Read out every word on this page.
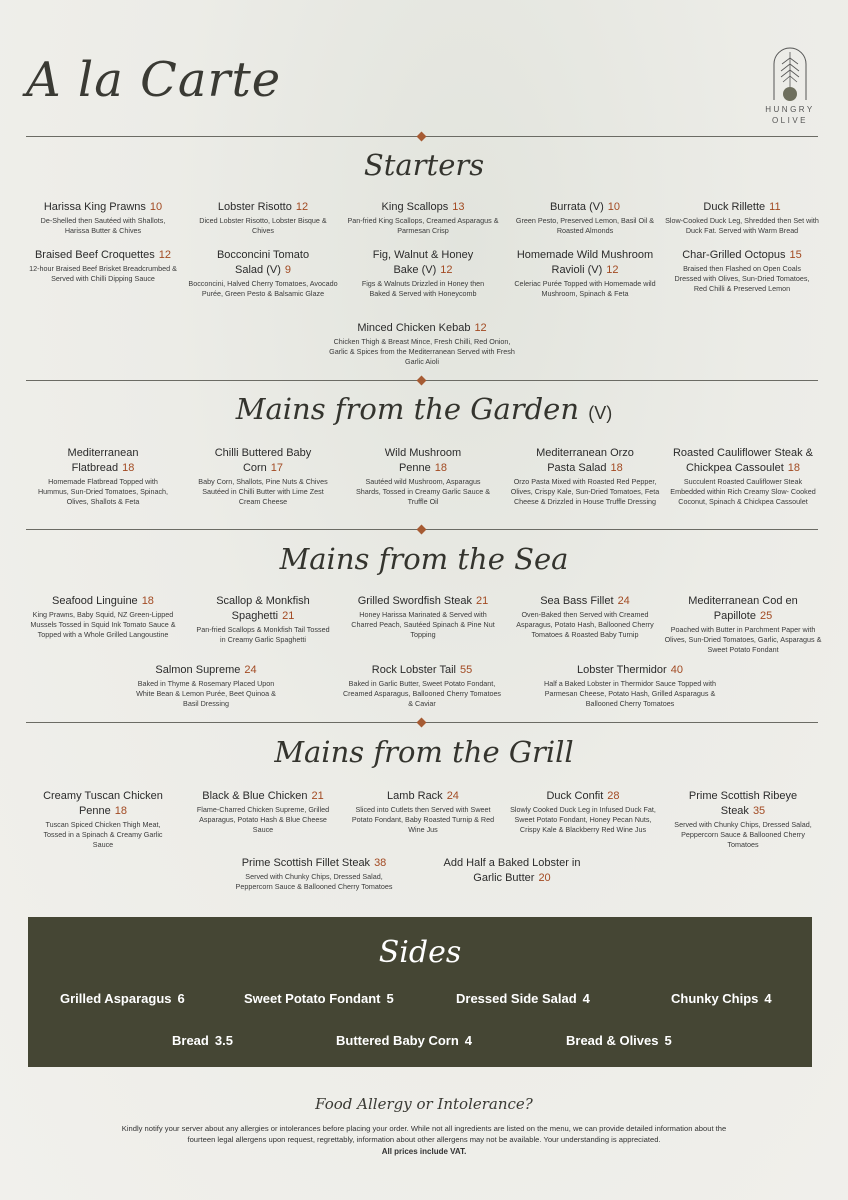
A la Carte
HUNGRY OLIVE
Starters
Harissa King Prawns 10
De-Shelled then Sautéed with Shallots, Harissa Butter & Chives
Lobster Risotto 12
Diced Lobster Risotto, Lobster Bisque & Chives
King Scallops 13
Pan-fried King Scallops, Creamed Asparagus & Parmesan Crisp
Burrata (V) 10
Green Pesto, Preserved Lemon, Basil Oil & Roasted Almonds
Duck Rillette 11
Slow-Cooked Duck Leg, Shredded then Set with Duck Fat. Served with Warm Bread
Braised Beef Croquettes 12
12-hour Braised Beef Brisket Breadcrumbed & Served with Chilli Dipping Sauce
Bocconcini Tomato Salad (V) 9
Bocconcini, Halved Cherry Tomatoes, Avocado Purée, Green Pesto & Balsamic Glaze
Fig, Walnut & Honey Bake (V) 12
Figs & Walnuts Drizzled in Honey then Baked & Served with Honeycomb
Homemade Wild Mushroom Ravioli (V) 12
Celeriac Purée Topped with Homemade wild Mushroom, Spinach & Feta
Char-Grilled Octopus 15
Braised then Flashed on Open Coals Dressed with Olives, Sun-Dried Tomatoes, Red Chilli & Preserved Lemon
Minced Chicken Kebab 12
Chicken Thigh & Breast Mince, Fresh Chilli, Red Onion, Garlic & Spices from the Mediterranean Served with Fresh Garlic Aioli
Mains from the Garden (V)
Mediterranean Flatbread 18
Homemade Flatbread Topped with Hummus, Sun-Dried Tomatoes, Spinach, Olives, Shallots & Feta
Chilli Buttered Baby Corn 17
Baby Corn, Shallots, Pine Nuts & Chives Sautéed in Chilli Butter with Lime Zest Cream Cheese
Wild Mushroom Penne 18
Sautéed wild Mushroom, Asparagus Shards, Tossed in Creamy Garlic Sauce & Truffle Oil
Mediterranean Orzo Pasta Salad 18
Orzo Pasta Mixed with Roasted Red Pepper, Olives, Crispy Kale, Sun-Dried Tomatoes, Feta Cheese & Drizzled in House Truffle Dressing
Roasted Cauliflower Steak & Chickpea Cassoulet 18
Succulent Roasted Cauliflower Steak Embedded within Rich Creamy Slow- Cooked Coconut, Spinach & Chickpea Cassoulet
Mains from the Sea
Seafood Linguine 18
King Prawns, Baby Squid, NZ Green-Lipped Mussels Tossed in Squid Ink Tomato Sauce & Topped with a Whole Grilled Langoustine
Scallop & Monkfish Spaghetti 21
Pan-fried Scallops & Monkfish Tail Tossed in Creamy Garlic Spaghetti
Grilled Swordfish Steak 21
Honey Harissa Marinated & Served with Charred Peach, Sautéed Spinach & Pine Nut Topping
Sea Bass Fillet 24
Oven-Baked then Served with Creamed Asparagus, Potato Hash, Ballooned Cherry Tomatoes & Roasted Baby Turnip
Mediterranean Cod en Papillote 25
Poached with Butter in Parchment Paper with Olives, Sun-Dried Tomatoes, Garlic, Asparagus & Sweet Potato Fondant
Salmon Supreme 24
Baked in Thyme & Rosemary Placed Upon White Bean & Lemon Purée, Beet Quinoa & Basil Dressing
Rock Lobster Tail 55
Baked in Garlic Butter, Sweet Potato Fondant, Creamed Asparagus, Ballooned Cherry Tomatoes & Caviar
Lobster Thermidor 40
Half a Baked Lobster in Thermidor Sauce Topped with Parmesan Cheese, Potato Hash, Grilled Asparagus & Ballooned Cherry Tomatoes
Mains from the Grill
Creamy Tuscan Chicken Penne 18
Tuscan Spiced Chicken Thigh Meat, Tossed in a Spinach & Creamy Garlic Sauce
Black & Blue Chicken 21
Flame-Charred Chicken Supreme, Grilled Asparagus, Potato Hash & Blue Cheese Sauce
Lamb Rack 24
Sliced into Cutlets then Served with Sweet Potato Fondant, Baby Roasted Turnip & Red Wine Jus
Duck Confit 28
Slowly Cooked Duck Leg in Infused Duck Fat, Sweet Potato Fondant, Honey Pecan Nuts, Crispy Kale & Blackberry Red Wine Jus
Prime Scottish Ribeye Steak 35
Served with Chunky Chips, Dressed Salad, Peppercorn Sauce & Ballooned Cherry Tomatoes
Prime Scottish Fillet Steak 38
Served with Chunky Chips, Dressed Salad, Peppercorn Sauce & Ballooned Cherry Tomatoes
Add Half a Baked Lobster in Garlic Butter 20
Sides
Grilled Asparagus 6	Sweet Potato Fondant 5	Dressed Side Salad 4	Chunky Chips 4
Bread 3.5	Buttered Baby Corn 4	Bread & Olives 5
Food Allergy or Intolerance?
Kindly notify your server about any allergies or intolerances before placing your order. While not all ingredients are listed on the menu, we can provide detailed information about the fourteen legal allergens upon request, regrettably, information about other allergens may not be available. Your understanding is appreciated.
All prices include VAT.
